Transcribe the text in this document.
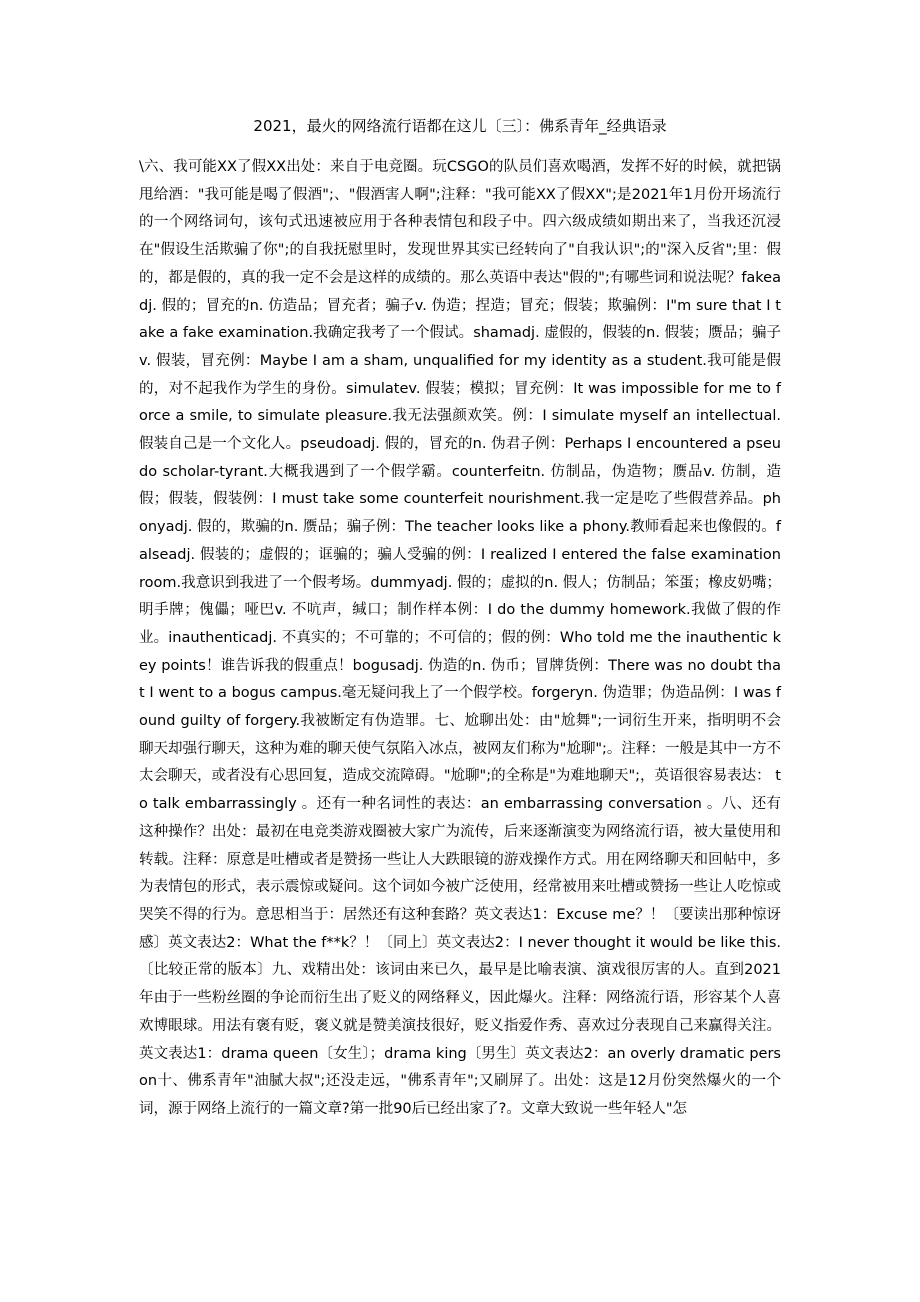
2021，最火的网络流行语都在这儿〔三〕：佛系青年_经典语录

\六、我可能XX了假XX出处：来自于电竞圈。玩CSGO的队员们喜欢喝酒，发挥不好的时候，就把锅甩给酒："我可能是喝了假酒";、"假酒害人啊";注释："我可能XX了假XX";是2021年1月份开场流行的一个网络词句，该句式迅速被应用于各种表情包和段子中。四六级成绩如期出来了，当我还沉浸在"假设生活欺骗了你";的自我抚慰里时，发现世界其实已经转向了"自我认识";的"深入反省";里：假的，都是假的，真的我一定不会是这样的成绩的。那么英语中表达"假的";有哪些词和说法呢？fakeadj. 假的；冒充的n. 仿造品；冒充者；骗子v. 伪造；捏造；冒充；假装；欺骗例：I"m sure that I take a fake examination.我确定我考了一个假试。shamadj. 虚假的，假装的n. 假装；赝品；骗子v. 假装，冒充例：Maybe I am a sham, unqualified for my identity as a student.我可能是假的，对不起我作为学生的身份。simulatev. 假装；模拟；冒充例：It was impossible for me to force a smile, to simulate pleasure.我无法强颜欢笑。例：I simulate myself an intellectual.假装自己是一个文化人。pseudoadj. 假的，冒充的n. 伪君子例：Perhaps I encountered a pseudo scholar-tyrant.大概我遇到了一个假学霸。counterfeitn. 仿制品，伪造物；赝品v. 仿制，造假；假装，假装例：I must take some counterfeit nourishment.我一定是吃了些假营养品。phonyadj. 假的，欺骗的n. 赝品；骗子例：The teacher looks like a phony.教师看起来也像假的。falseadj. 假装的；虚假的；诓骗的；骗人受骗的例：I realized I entered the false examination room.我意识到我进了一个假考场。dummyadj. 假的；虚拟的n. 假人；仿制品；笨蛋；橡皮奶嘴；明手牌；傀儡；哑巴v. 不吭声，缄口；制作样本例：I do the dummy homework.我做了假的作业。inauthenticadj. 不真实的；不可靠的；不可信的；假的例：Who told me the inauthentic key points！谁告诉我的假重点！bogusadj. 伪造的n. 伪币；冒牌货例：There was no doubt that I went to a bogus campus.毫无疑问我上了一个假学校。forgeryn. 伪造罪；伪造品例：I was found guilty of forgery.我被断定有伪造罪。七、尬聊出处：由"尬舞";一词衍生开来，指明明不会聊天却强行聊天，这种为难的聊天使气氛陷入冰点，被网友们称为"尬聊";。注释：一般是其中一方不太会聊天，或者没有心思回复，造成交流障碍。"尬聊";的全称是"为难地聊天";，英语很容易表达： to talk embarrassingly 。还有一种名词性的表达：an embarrassing conversation 。八、还有这种操作？出处：最初在电竞类游戏圈被大家广为流传，后来逐渐演变为网络流行语，被大量使用和转载。注释：原意是吐槽或者是赞扬一些让人大跌眼镜的游戏操作方式。用在网络聊天和回帖中，多为表情包的形式，表示震惊或疑问。这个词如今被广泛使用，经常被用来吐槽或赞扬一些让人吃惊或哭笑不得的行为。意思相当于：居然还有这种套路？英文表达1：Excuse me？！〔要读出那种惊讶感〕英文表达2：What the f**k？！〔同上〕英文表达2：I never thought it would be like this.〔比较正常的版本〕九、戏精出处：该词由来已久，最早是比喻表演、演戏很厉害的人。直到2021年由于一些粉丝圈的争论而衍生出了贬义的网络释义，因此爆火。注释：网络流行语，形容某个人喜欢博眼球。用法有褒有贬，褒义就是赞美演技很好，贬义指爱作秀、喜欢过分表现自己来赢得关注。英文表达1：drama queen〔女生〕；drama king〔男生〕英文表达2：an overly dramatic person十、佛系青年"油腻大叔";还没走远，"佛系青年";又刷屏了。出处：这是12月份突然爆火的一个词，源于网络上流行的一篇文章?第一批90后已经出家了?。文章大致说一些年轻人"怎
